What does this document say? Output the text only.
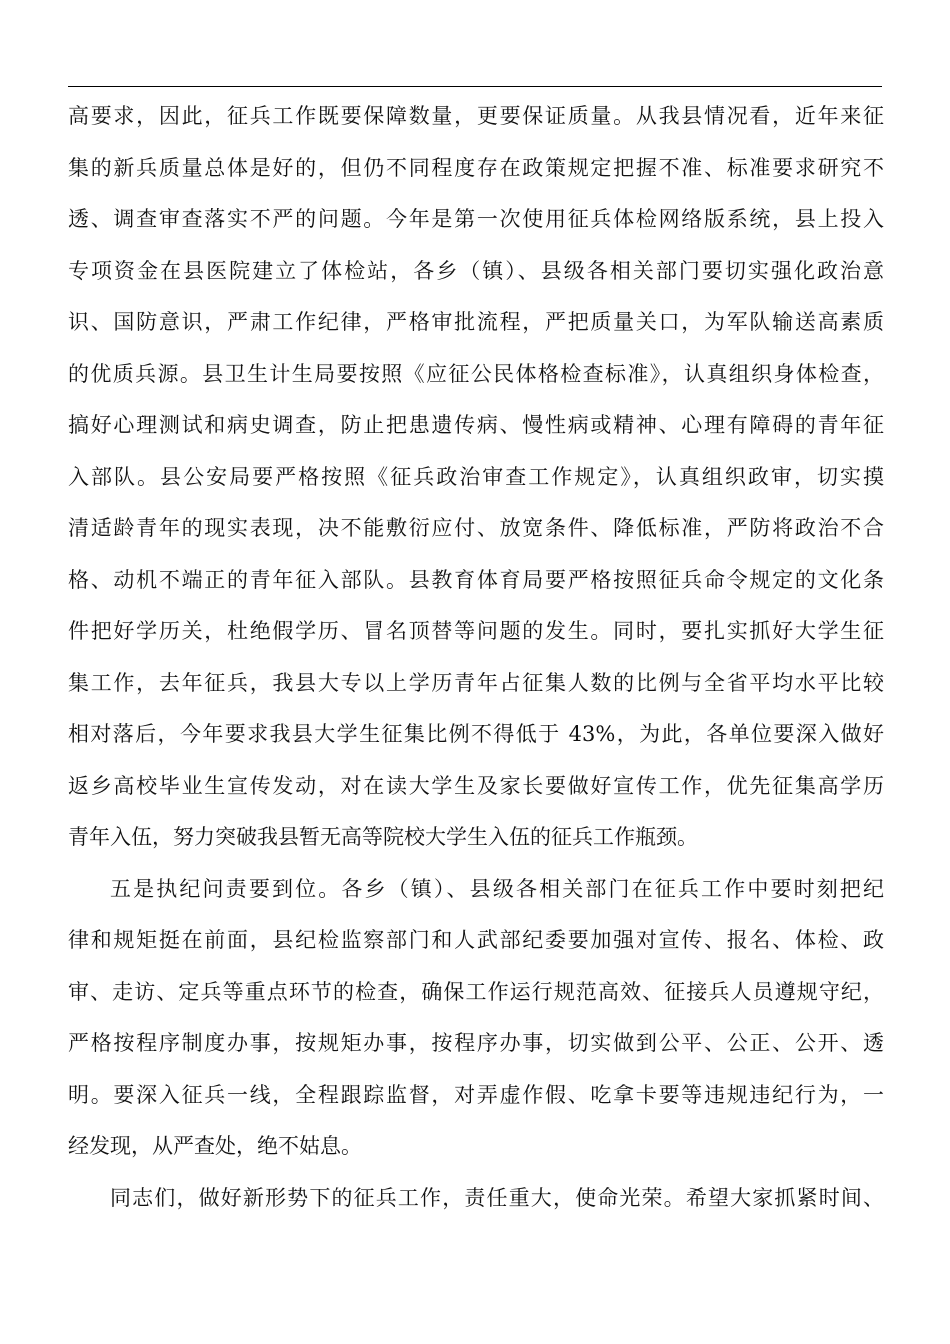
高要求，因此，征兵工作既要保障数量，更要保证质量。从我县情况看，近年来征
集的新兵质量总体是好的，但仍不同程度存在政策规定把握不准、标准要求研究不
透、调查审查落实不严的问题。今年是第一次使用征兵体检网络版系统，县上投入
专项资金在县医院建立了体检站，各乡（镇）、县级各相关部门要切实强化政治意
识、国防意识，严肃工作纪律，严格审批流程，严把质量关口，为军队输送高素质
的优质兵源。县卫生计生局要按照《应征公民体格检查标准》，认真组织身体检查，
搞好心理测试和病史调查，防止把患遗传病、慢性病或精神、心理有障碍的青年征
入部队。县公安局要严格按照《征兵政治审查工作规定》，认真组织政审，切实摸
清适龄青年的现实表现，决不能敷衍应付、放宽条件、降低标准，严防将政治不合
格、动机不端正的青年征入部队。县教育体育局要严格按照征兵命令规定的文化条
件把好学历关，杜绝假学历、冒名顶替等问题的发生。同时，要扎实抓好大学生征
集工作，去年征兵，我县大专以上学历青年占征集人数的比例与全省平均水平比较
相对落后，今年要求我县大学生征集比例不得低于 43%，为此，各单位要深入做好
返乡高校毕业生宣传发动，对在读大学生及家长要做好宣传工作，优先征集高学历
青年入伍，努力突破我县暂无高等院校大学生入伍的征兵工作瓶颈。
五是执纪问责要到位。各乡（镇）、县级各相关部门在征兵工作中要时刻把纪
律和规矩挺在前面，县纪检监察部门和人武部纪委要加强对宣传、报名、体检、政
审、走访、定兵等重点环节的检查，确保工作运行规范高效、征接兵人员遵规守纪，
严格按程序制度办事，按规矩办事，按程序办事，切实做到公平、公正、公开、透
明。要深入征兵一线，全程跟踪监督，对弄虚作假、吃拿卡要等违规违纪行为，一
经发现，从严查处，绝不姑息。
同志们，做好新形势下的征兵工作，责任重大，使命光荣。希望大家抓紧时间、
